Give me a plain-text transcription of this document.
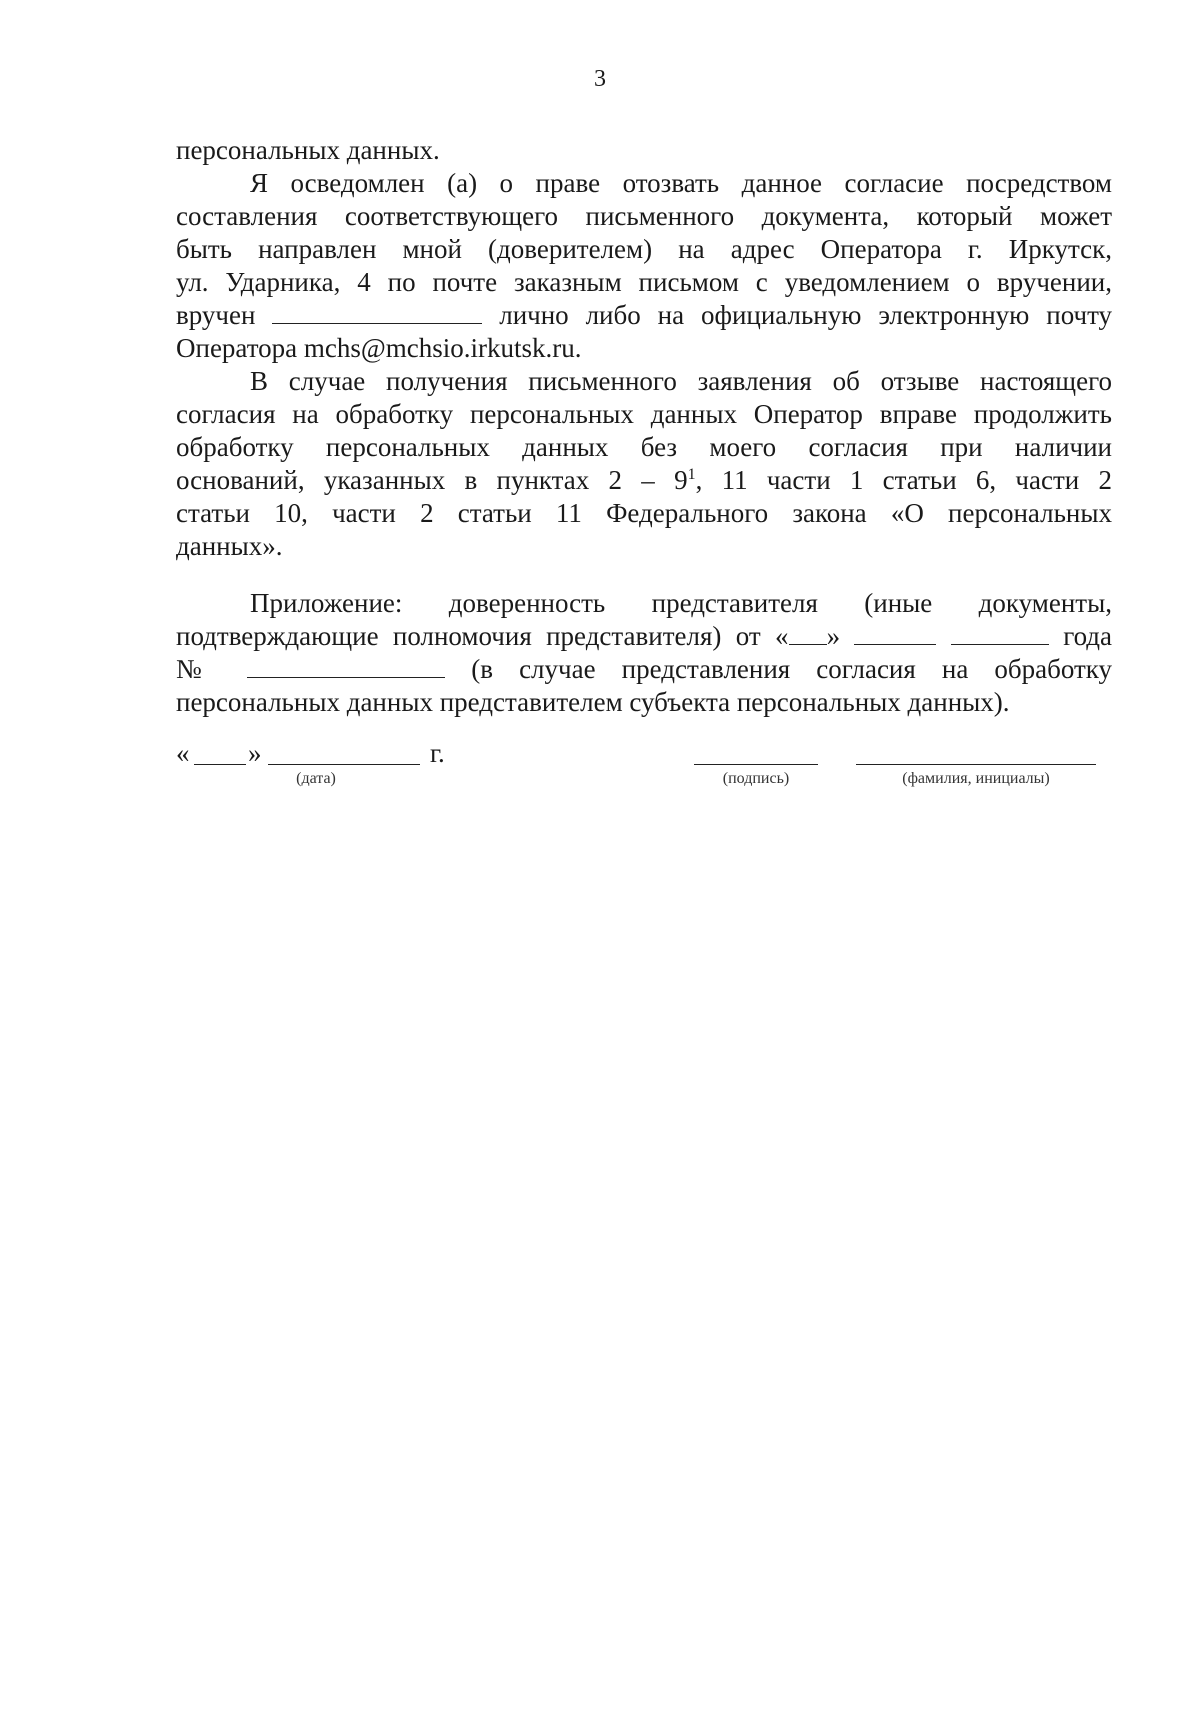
3
персональных данных.
Я осведомлен (а) о праве отозвать данное согласие посредством
составления соответствующего письменного документа, который может
быть направлен мной (доверителем) на адрес Оператора г. Иркутск,
ул. Ударника, 4 по почте заказным письмом с уведомлением о вручении,
вручен	лично либо на официальную электронную почту
Оператора mchs@mchsio.irkutsk.ru.
В случае получения письменного заявления об отзыве настоящего
согласия на обработку персональных данных Оператор вправе продолжить
обработку персональных данных без моего согласия при наличии
оснований, указанных в пунктах $2 - 9^1$, 11 части 1 статьи 6, части 2
статьи 10, части 2 статьи 11 Федерального закона «О персональных
данных».
Приложение: доверенность представителя (иные документы,
подтверждающие полномочия представителя) от « »	года
№	(в случае представления согласия на обработку
персональных данных представителем субъекта персональных данных).
« »	г.
(дата)	(подпись)	(фамилия, инициалы)
